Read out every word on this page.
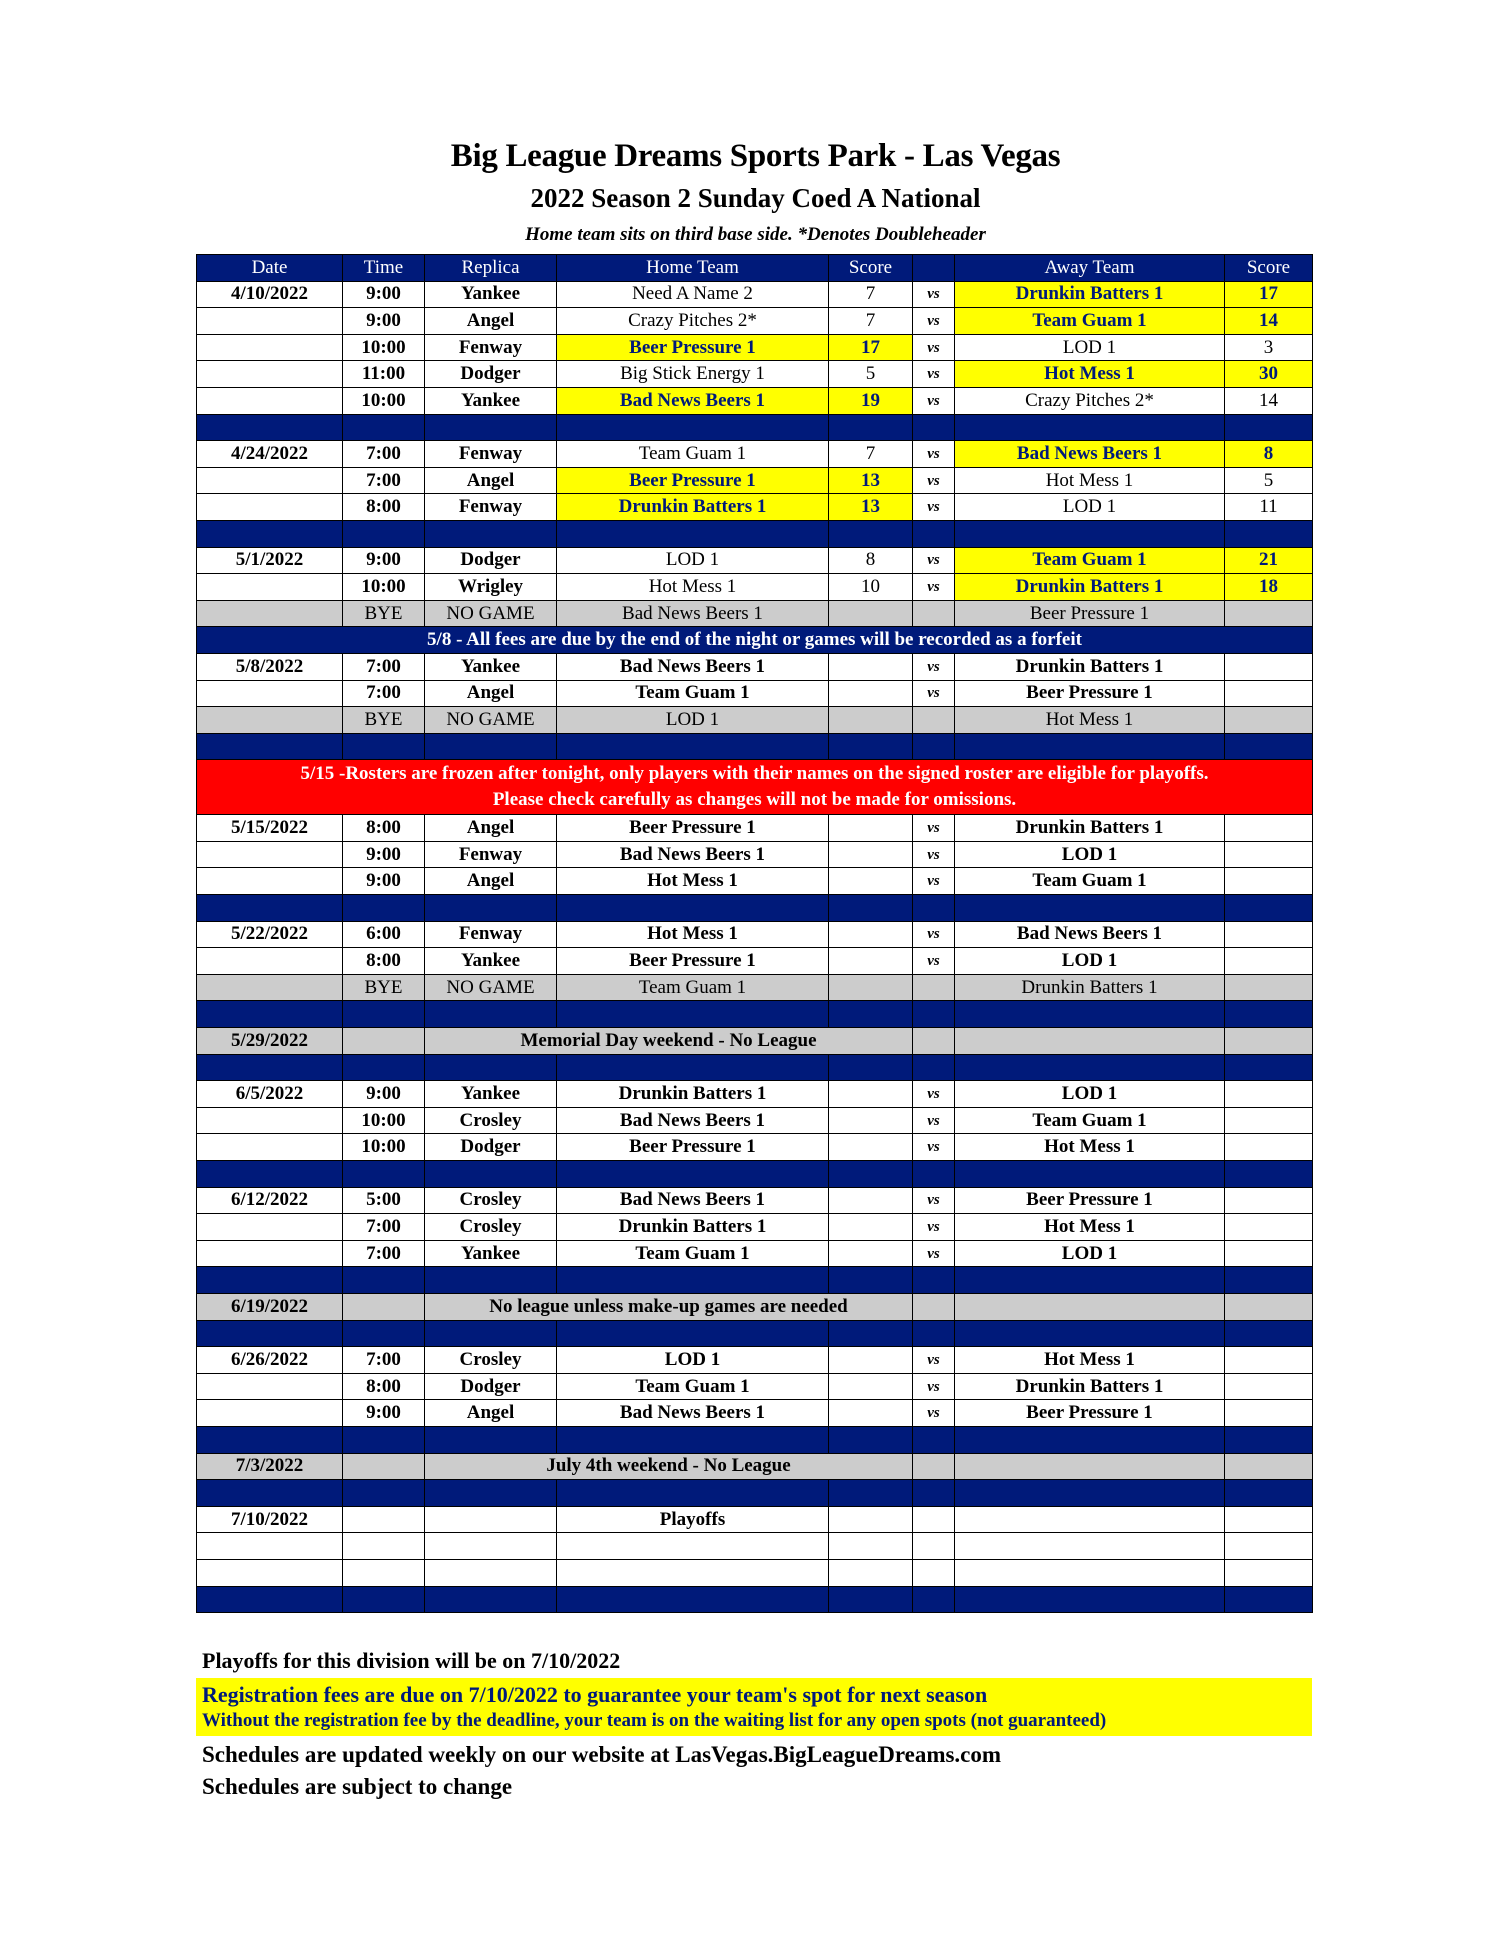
Big League Dreams Sports Park - Las Vegas
2022 Season 2 Sunday Coed A National
Home team sits on third base side. *Denotes Doubleheader
Date	Time	Replica	Home Team	Score		Away Team	Score
4/10/2022	9:00	Yankee	Need A Name 2	7	vs	Drunkin Batters 1	17
	9:00	Angel	Crazy Pitches 2*	7	vs	Team Guam 1	14
	10:00	Fenway	Beer Pressure 1	17	vs	LOD 1	3
	11:00	Dodger	Big Stick Energy 1	5	vs	Hot Mess 1	30
	10:00	Yankee	Bad News Beers 1	19	vs	Crazy Pitches 2*	14

4/24/2022	7:00	Fenway	Team Guam 1	7	vs	Bad News Beers 1	8
	7:00	Angel	Beer Pressure 1	13	vs	Hot Mess 1	5
	8:00	Fenway	Drunkin Batters 1	13	vs	LOD 1	11

5/1/2022	9:00	Dodger	LOD 1	8	vs	Team Guam 1	21
	10:00	Wrigley	Hot Mess 1	10	vs	Drunkin Batters 1	18
	BYE	NO GAME	Bad News Beers 1			Beer Pressure 1	
5/8 - All fees are due by the end of the night or games will be recorded as a forfeit							
5/8/2022	7:00	Yankee	Bad News Beers 1		vs	Drunkin Batters 1	
	7:00	Angel	Team Guam 1		vs	Beer Pressure 1	
	BYE	NO GAME	LOD 1			Hot Mess 1	

5/15 -Rosters are frozen after tonight, only players with their names on the signed roster are eligible for playoffs.
Please check carefully as changes will not be made for omissions.							

5/15/2022	8:00	Angel	Beer Pressure 1		vs	Drunkin Batters 1	
	9:00	Fenway	Bad News Beers 1		vs	LOD 1	
	9:00	Angel	Hot Mess 1		vs	Team Guam 1	

5/22/2022	6:00	Fenway	Hot Mess 1		vs	Bad News Beers 1	
	8:00	Yankee	Beer Pressure 1		vs	LOD 1	
	BYE	NO GAME	Team Guam 1			Drunkin Batters 1	

5/29/2022		Memorial Day weekend - No League					

6/5/2022	9:00	Yankee	Drunkin Batters 1		vs	LOD 1	
	10:00	Crosley	Bad News Beers 1		vs	Team Guam 1	
	10:00	Dodger	Beer Pressure 1		vs	Hot Mess 1	

6/12/2022	5:00	Crosley	Bad News Beers 1		vs	Beer Pressure 1	
	7:00	Crosley	Drunkin Batters 1		vs	Hot Mess 1	
	7:00	Yankee	Team Guam 1		vs	LOD 1	

6/19/2022		No league unless make-up games are needed					

6/26/2022	7:00	Crosley	LOD 1		vs	Hot Mess 1	
	8:00	Dodger	Team Guam 1		vs	Drunkin Batters 1	
	9:00	Angel	Bad News Beers 1		vs	Beer Pressure 1	

7/3/2022		July 4th weekend - No League					

7/10/2022			Playoffs				

Playoffs for this division will be on 7/10/2022
Registration fees are due on 7/10/2022 to guarantee your team's spot for next season
Without the registration fee by the deadline, your team is on the waiting list for any open spots (not guaranteed)
Schedules are updated weekly on our website at LasVegas.BigLeagueDreams.com
Schedules are subject to change
